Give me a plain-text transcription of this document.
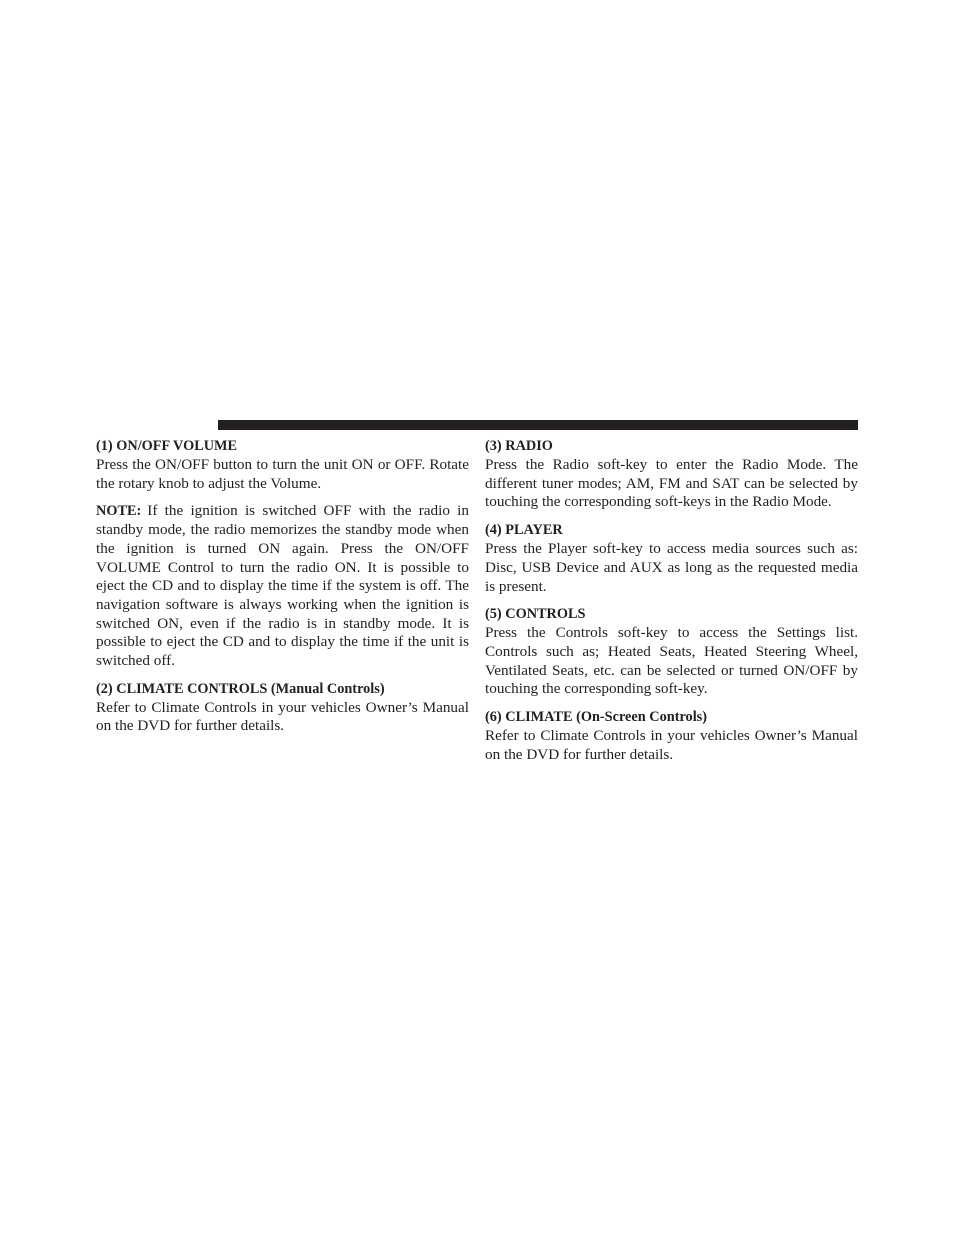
(1) ON/OFF VOLUME

Press the ON/OFF button to turn the unit ON or OFF. Rotate the rotary knob to adjust the Volume.

NOTE: If the ignition is switched OFF with the radio in standby mode, the radio memorizes the standby mode when the ignition is turned ON again. Press the ON/OFF VOLUME Control to turn the radio ON. It is possible to eject the CD and to display the time if the system is off. The navigation software is always working when the ignition is switched ON, even if the radio is in standby mode. It is possible to eject the CD and to display the time if the unit is switched off.

(2) CLIMATE CONTROLS (Manual Controls)

Refer to Climate Controls in your vehicles Owner’s Manual on the DVD for further details.

(3) RADIO

Press the Radio soft-key to enter the Radio Mode. The different tuner modes; AM, FM and SAT can be selected by touching the corresponding soft-keys in the Radio Mode.

(4) PLAYER

Press the Player soft-key to access media sources such as: Disc, USB Device and AUX as long as the requested media is present.

(5) CONTROLS

Press the Controls soft-key to access the Settings list. Controls such as; Heated Seats, Heated Steering Wheel, Ventilated Seats, etc. can be selected or turned ON/OFF by touching the corresponding soft-key.

(6) CLIMATE (On-Screen Controls)

Refer to Climate Controls in your vehicles Owner’s Manual on the DVD for further details.
